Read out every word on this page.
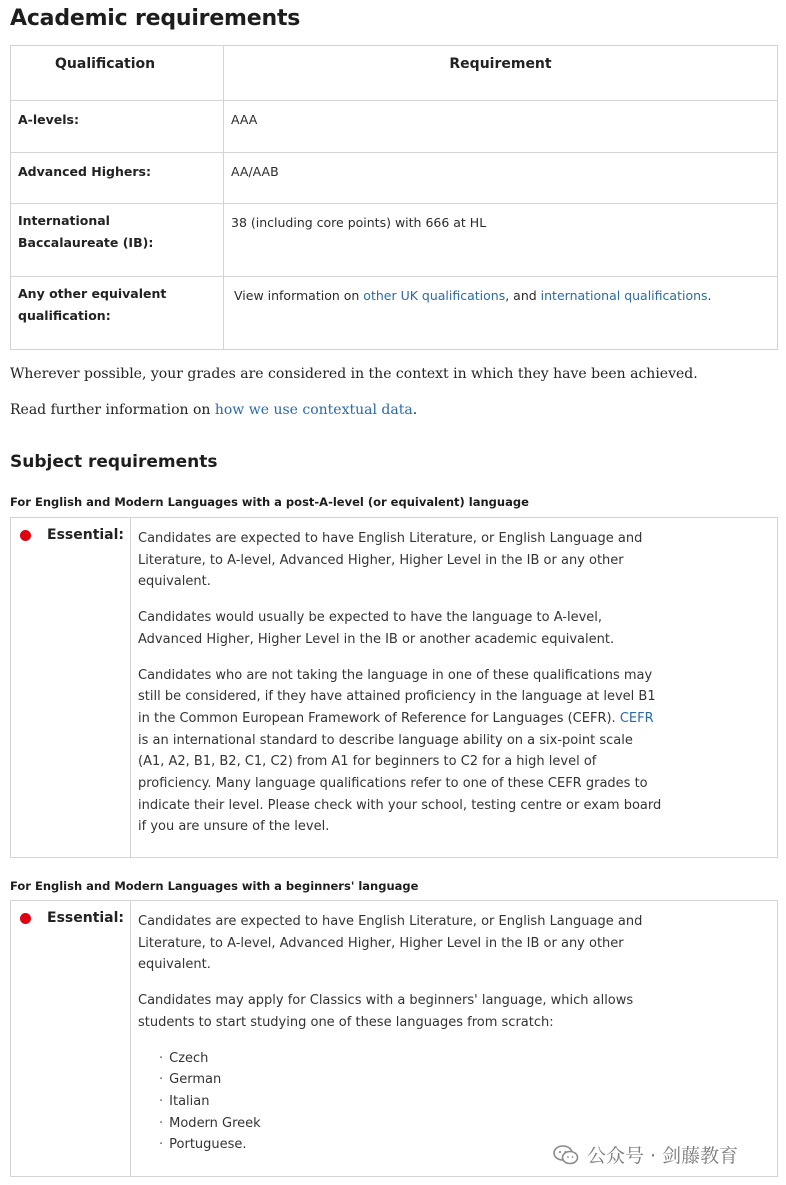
Academic requirements
Qualification	Requirement
A-levels:	AAA
Advanced Highers:	AA/AAB
International Baccalaureate (IB):	38 (including core points) with 666 at HL
Any other equivalent qualification:	View information on other UK qualifications, and international qualifications.
Wherever possible, your grades are considered in the context in which they have been achieved.
Read further information on how we use contextual data.
Subject requirements
For English and Modern Languages with a post-A-level (or equivalent) language
Essential: Candidates are expected to have English Literature, or English Language and Literature, to A-level, Advanced Higher, Higher Level in the IB or any other equivalent.

Candidates would usually be expected to have the language to A-level, Advanced Higher, Higher Level in the IB or another academic equivalent.

Candidates who are not taking the language in one of these qualifications may still be considered, if they have attained proficiency in the language at level B1 in the Common European Framework of Reference for Languages (CEFR). CEFR is an international standard to describe language ability on a six-point scale (A1, A2, B1, B2, C1, C2) from A1 for beginners to C2 for a high level of proficiency. Many language qualifications refer to one of these CEFR grades to indicate their level. Please check with your school, testing centre or exam board if you are unsure of the level.

For English and Modern Languages with a beginners' language
Essential: Candidates are expected to have English Literature, or English Language and Literature, to A-level, Advanced Higher, Higher Level in the IB or any other equivalent.

Candidates may apply for Classics with a beginners' language, which allows students to start studying one of these languages from scratch:

· Czech
· German
· Italian
· Modern Greek
· Portuguese.
公众号 · 剑藤教育
